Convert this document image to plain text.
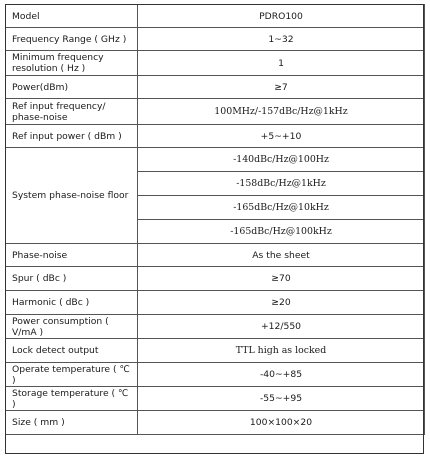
Model	PDRO100
Frequency Range ( GHz )	1~32
Minimum frequency resolution ( Hz )	1
Power(dBm)	≥7
Ref input frequency/ phase-noise	100MHz/-157dBc/Hz@1kHz
Ref input power ( dBm )	+5~+10
System phase-noise floor	-140dBc/Hz@100Hz
	-158dBc/Hz@1kHz
	-165dBc/Hz@10kHz
	-165dBc/Hz@100kHz
Phase-noise	As the sheet
Spur ( dBc )	≥70
Harmonic ( dBc )	≥20
Power consumption ( V/mA )	+12/550
Lock detect output	TTL high as locked
Operate temperature ( ℃ )	-40~+85
Storage temperature ( ℃ )	-55~+95
Size ( mm )	100×100×20
